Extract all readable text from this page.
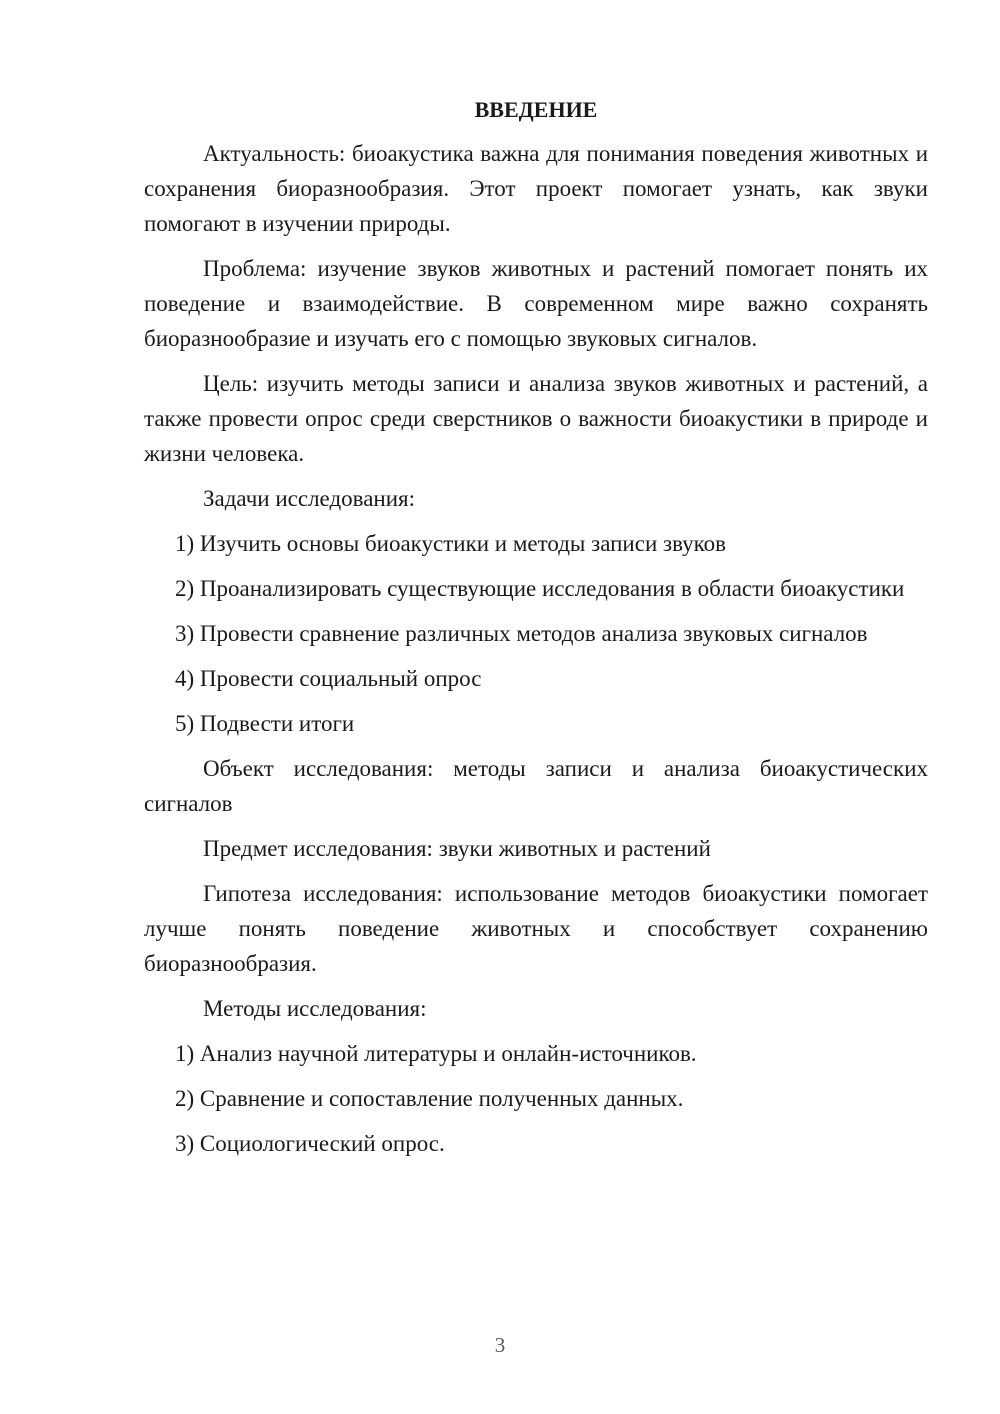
ВВЕДЕНИЕ

Актуальность: биоакустика важна для понимания поведения животных и сохранения биоразнообразия. Этот проект помогает узнать, как звуки помогают в изучении природы.

Проблема: изучение звуков животных и растений помогает понять их поведение и взаимодействие. В современном мире важно сохранять биоразнообразие и изучать его с помощью звуковых сигналов.

Цель: изучить методы записи и анализа звуков животных и растений, а также провести опрос среди сверстников о важности биоакустики в природе и жизни человека.

Задачи исследования:

1) Изучить основы биоакустики и методы записи звуков

2) Проанализировать существующие исследования в области биоакустики

3) Провести сравнение различных методов анализа звуковых сигналов

4) Провести социальный опрос

5) Подвести итоги

Объект исследования: методы записи и анализа биоакустических сигналов

Предмет исследования: звуки животных и растений

Гипотеза исследования: использование методов биоакустики помогает лучше понять поведение животных и способствует сохранению биоразнообразия.

Методы исследования:

1) Анализ научной литературы и онлайн-источников.

2) Сравнение и сопоставление полученных данных.

3) Социологический опрос.

3
